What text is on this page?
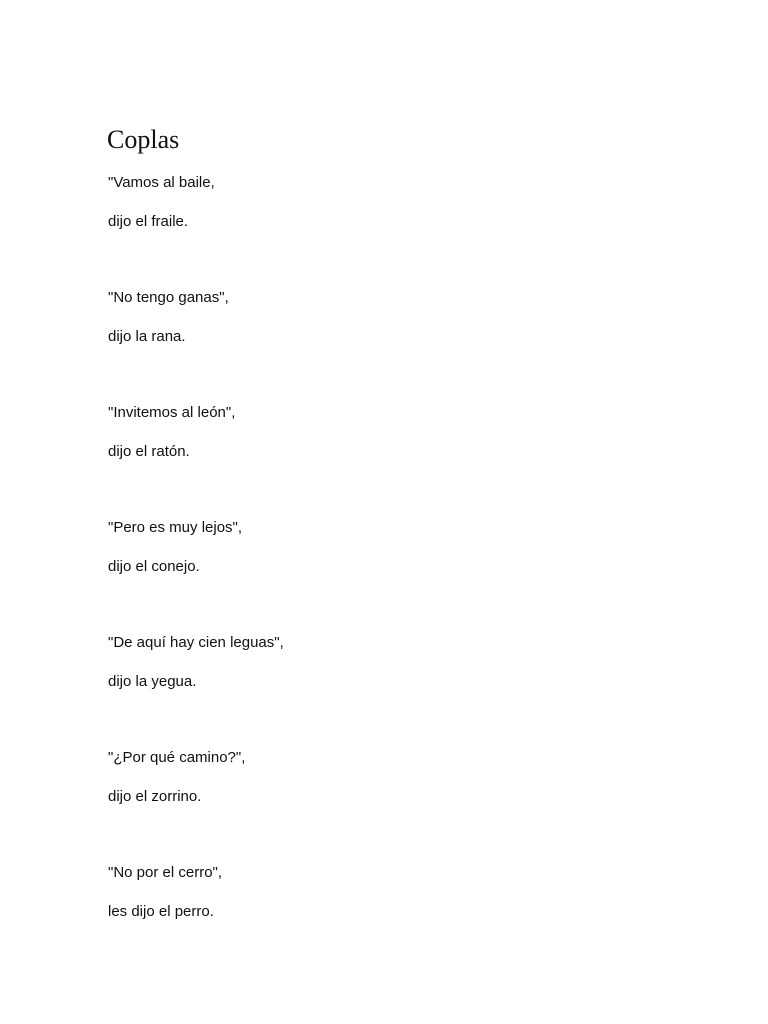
Coplas
"Vamos al baile,
dijo el fraile.
"No tengo ganas",
dijo la rana.
"Invitemos al león",
dijo el ratón.
"Pero es muy lejos",
dijo el conejo.
"De aquí hay cien leguas",
dijo la yegua.
"¿Por qué camino?",
dijo el zorrino.
"No por el cerro",
les dijo el perro.
